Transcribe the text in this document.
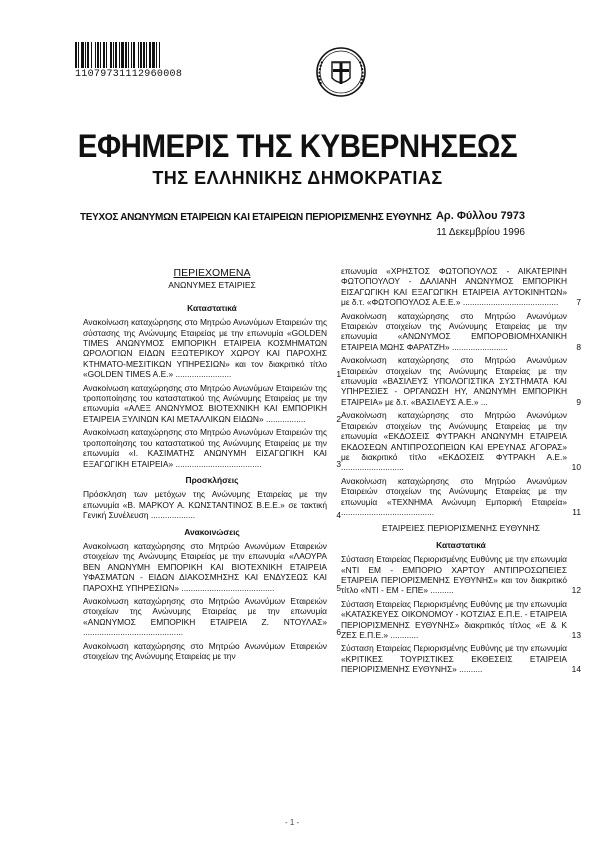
11079731112960008
ΕΦΗΜΕΡΙΣ ΤΗΣ ΚΥΒΕΡΝΗΣΕΩΣ
ΤΗΣ ΕΛΛΗΝΙΚΗΣ ΔΗΜΟΚΡΑΤΙΑΣ
ΤΕΥΧΟΣ ΑΝΩΝΥΜΩΝ ΕΤΑΙΡΕΙΩΝ ΚΑΙ ΕΤΑΙΡΕΙΩΝ ΠΕΡΙΟΡΙΣΜΕΝΗΣ ΕΥΘΥΝΗΣ Αρ. Φύλλου 7973
11 Δεκεμβρίου 1996
ΠΕΡΙΕΧΟΜΕΝΑ
ΑΝΩΝΥΜΕΣ ΕΤΑΙΡΙΕΣ
Καταστατικά
Ανακοίνωση καταχώρησης στο Μητρώο Ανωνύμων Εταιρειών της σύστασης της Ανώνυμης Εταιρείας με την επωνυμία «GOLDEN TIMES ΑΝΩΝΥΜΟΣ ΕΜΠΟΡΙΚΗ ΕΤΑΙΡΕΙΑ ΚΟΣΜΗΜΑΤΩΝ ΩΡΟΛΟΓΙΩΝ ΕΙΔΩΝ ΕΞΩΤΕΡΙΚΟΥ ΧΩΡΟΥ ΚΑΙ ΠΑΡΟΧΗΣ ΚΤΗΜΑΤΟ-ΜΕΣΙΤΙΚΩΝ ΥΠΗΡΕΣΙΩΝ» και τον διακριτικό τίτλο «GOLDEN TIMES A.E.» ........................	1
Ανακοίνωση καταχώρησης στο Μητρώο Ανωνύμων Εταιρειών της τροποποίησης του καταστατικού της Ανώνυμης Εταιρείας με την επωνυμία «ΑΛΕΞ ΑΝΩΝΥΜΟΣ ΒΙΟΤΕΧΝΙΚΗ ΚΑΙ ΕΜΠΟΡΙΚΗ ΕΤΑΙΡΕΙΑ ΞΥΛΙΝΩΝ ΚΑΙ ΜΕΤΑΛΛΙΚΩΝ ΕΙΔΩΝ» .................	2
Ανακοίνωση καταχώρησης στο Μητρώο Ανωνύμων Εταιρειών της τροποποίησης του καταστατικού της Ανώνυμης Εταιρείας με την επωνυμία «Ι. ΚΑΣΙΜΑΤΗΣ ΑΝΩΝΥΜΗ ΕΙΣΑΓΩΓΙΚΗ ΚΑΙ ΕΞΑΓΩΓΙΚΗ ΕΤΑΙΡΕΙΑ» .....................................	3
Προσκλήσεις
Πρόσκληση των μετόχων της Ανώνυμης Εταιρείας με την επωνυμία «Β. ΜΑΡΚΟΥ Α. ΚΩΝΣΤΑΝΤΙΝΟΣ Β.Ε.Ε.» σε τακτική Γενική Συνέλευση ...................	4
Ανακοινώσεις
Ανακοίνωση καταχώρησης στο Μητρώο Ανωνύμων Εταιρειών στοιχείων της Ανώνυμης Εταιρείας με την επωνυμία «ΛΑΟΥΡΑ ΒΕΝ ΑΝΩΝΥΜΗ ΕΜΠΟΡΙΚΗ ΚΑΙ ΒΙΟΤΕΧΝΙΚΗ ΕΤΑΙΡΕΙΑ ΥΦΑΣΜΑΤΩΝ - ΕΙΔΩΝ ΔΙΑΚΟΣΜΗΣΗΣ ΚΑΙ ΕΝΔΥΣΕΩΣ ΚΑΙ ΠΑΡΟΧΗΣ ΥΠΗΡΕΣΙΩΝ» ........................................	5
Ανακοίνωση καταχώρησης στο Μητρώο Ανωνύμων Εταιρειών στοιχείων της Ανώνυμης Εταιρείας με την επωνυμία «ΑΝΩΝΥΜΟΣ ΕΜΠΟΡΙΚΗ ΕΤΑΙΡΕΙΑ Ζ. ΝΤΟΥΛΑΣ» ...........................................	6
Ανακοίνωση καταχώρησης στο Μητρώο Ανωνύμων Εταιρειών στοιχείων της Ανώνυμης Εταιρείας με την
επωνυμία «ΧΡΗΣΤΟΣ ΦΩΤΟΠΟΥΛΟΣ - ΑΙΚΑΤΕΡΙΝΗ ΦΩΤΟΠΟΥΛΟΥ - ΔΑΛΙΑΝΗ ΑΝΩΝΥΜΟΣ ΕΜΠΟΡΙΚΗ ΕΙΣΑΓΩΓΙΚΗ ΚΑΙ ΕΞΑΓΩΓΙΚΗ ΕΤΑΙΡΕΙΑ ΑΥΤΟΚΙΝΗΤΩΝ» με δ.τ. «ΦΩΤΟΠΟΥΛΟΣ Α.Ε.Ε.» .........................................	7
Ανακοίνωση καταχώρησης στο Μητρώο Ανωνύμων Εταιρειών στοιχείων της Ανώνυμης Εταιρείας με την επωνυμία «ΑΝΩΝΥΜΟΣ ΕΜΠΟΡΟΒΙΟΜΗΧΑΝΙΚΗ ΕΤΑΙΡΕΙΑ ΜΩΗΣ ΦΑΡΑΤΖΗ» ........................	8
Ανακοίνωση καταχώρησης στο Μητρώο Ανωνύμων Εταιρειών στοιχείων της Ανώνυμης Εταιρείας με την επωνυμία «ΒΑΣΙΛΕΥΣ ΥΠΟΛΟΓΙΣΤΙΚΑ ΣΥΣΤΗΜΑΤΑ ΚΑΙ ΥΠΗΡΕΣΙΕΣ - ΟΡΓΑΝΩΣΗ ΗΥ, ΑΝΩΝΥΜΗ ΕΜΠΟΡΙΚΗ ΕΤΑΙΡΕΙΑ» με δ.τ. «ΒΑΣΙΛΕΥΣ Α.Ε.» ...	9
Ανακοίνωση καταχώρησης στο Μητρώο Ανωνύμων Εταιρειών στοιχείων της Ανώνυμης Εταιρείας με την επωνυμία «ΕΚΔΟΣΕΙΣ ΦΥΤΡΑΚΗ ΑΝΩΝΥΜΗ ΕΤΑΙΡΕΙΑ ΕΚΔΟΣΕΩΝ ΑΝΤΙΠΡΟΣΩΠΕΙΩΝ ΚΑΙ ΕΡΕΥΝΑΣ ΑΓΟΡΑΣ» με διακριτικό τίτλο «ΕΚΔΟΣΕΙΣ ΦΥΤΡΑΚΗ Α.Ε.» ...........................	10
Ανακοίνωση καταχώρησης στο Μητρώο Ανωνύμων Εταιρειών στοιχείων της Ανώνυμης Εταιρείας με την επωνυμία «ΤΕΧΝΗΜΑ Ανώνυμη Εμπορική Εταιρεία» ........................................	11
ΕΤΑΙΡΕΙΕΣ ΠΕΡΙΟΡΙΣΜΕΝΗΣ ΕΥΘΥΝΗΣ
Καταστατικά
Σύσταση Εταιρείας Περιορισμένης Ευθύνης με την επωνυμία «ΝΤΙ ΕΜ - ΕΜΠΟΡΙΟ ΧΑΡΤΟΥ ΑΝΤΙΠΡΟΣΩΠΕΙΕΣ ΕΤΑΙΡΕΙΑ ΠΕΡΙΟΡΙΣΜΕΝΗΣ ΕΥΘΥΝΗΣ» και τον διακριτικό τίτλο «ΝΤΙ - ΕΜ - ΕΠΕ» ..........	12
Σύσταση Εταιρείας Περιορισμένης Ευθύνης με την επωνυμία «ΚΑΤΑΣΚΕΥΕΣ ΟΙΚΟΝΟΜΟΥ - ΚΟΤΖΙΑΣ Ε.Π.Ε. - ΕΤΑΙΡΕΙΑ ΠΕΡΙΟΡΙΣΜΕΝΗΣ ΕΥΘΥΝΗΣ» διακριτικός τίτλος «Ε & Κ ΖΕΣ Ε.Π.Ε.» ............	13
Σύσταση Εταιρείας Περιορισμένης Ευθύνης με την επωνυμία «ΚΡΙΤΙΚΕΣ ΤΟΥΡΙΣΤΙΚΕΣ ΕΚΘΕΣΕΙΣ ΕΤΑΙΡΕΙΑ ΠΕΡΙΟΡΙΣΜΕΝΗΣ ΕΥΘΥΝΗΣ» ..........	14
- 1 -
